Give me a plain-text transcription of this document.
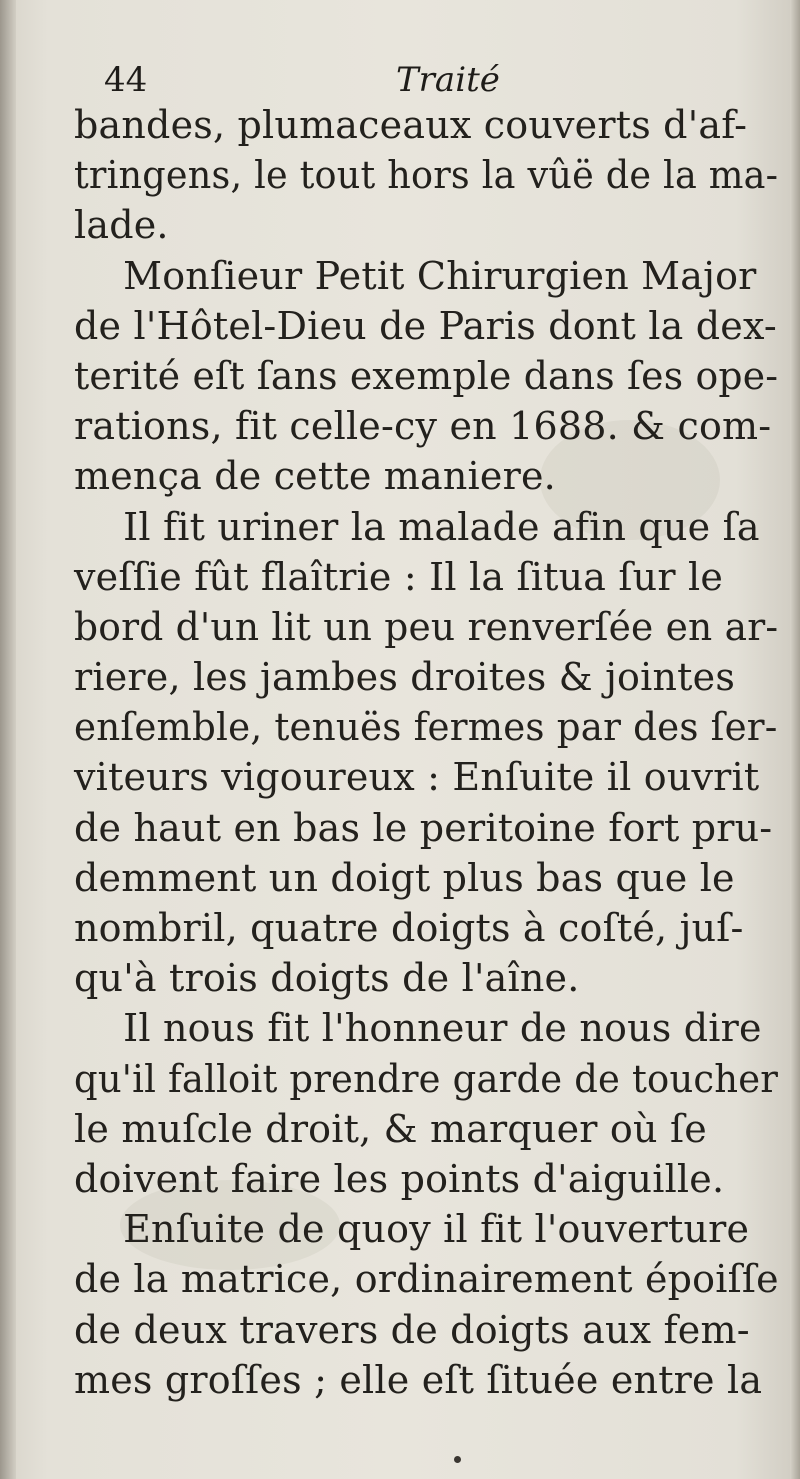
44	Traité
bandes, plumaceaux couverts d'af-
tringens, le tout hors la vûë de la ma-
lade.
Monſieur Petit Chirurgien Major
de l'Hôtel-Dieu de Paris dont la dex-
terité eſt ſans exemple dans ſes ope-
rations, fit celle-cy en 1688. & com-
mença de cette maniere.
Il fit uriner la malade afin que ſa
veſſie fût flaîtrie : Il la ſitua ſur le
bord d'un lit un peu renverſée en ar-
riere, les jambes droites & jointes
enſemble, tenuës fermes par des ſer-
viteurs vigoureux : Enſuite il ouvrit
de haut en bas le peritoine fort pru-
demment un doigt plus bas que le
nombril, quatre doigts à coſté, juſ-
qu'à trois doigts de l'aîne.
Il nous fit l'honneur de nous dire
qu'il falloit prendre garde de toucher
le muſcle droit, & marquer où ſe
doivent faire les points d'aiguille.
Enſuite de quoy il fit l'ouverture
de la matrice, ordinairement époiſſe
de deux travers de doigts aux fem-
mes groſſes ; elle eſt ſituée entre la
